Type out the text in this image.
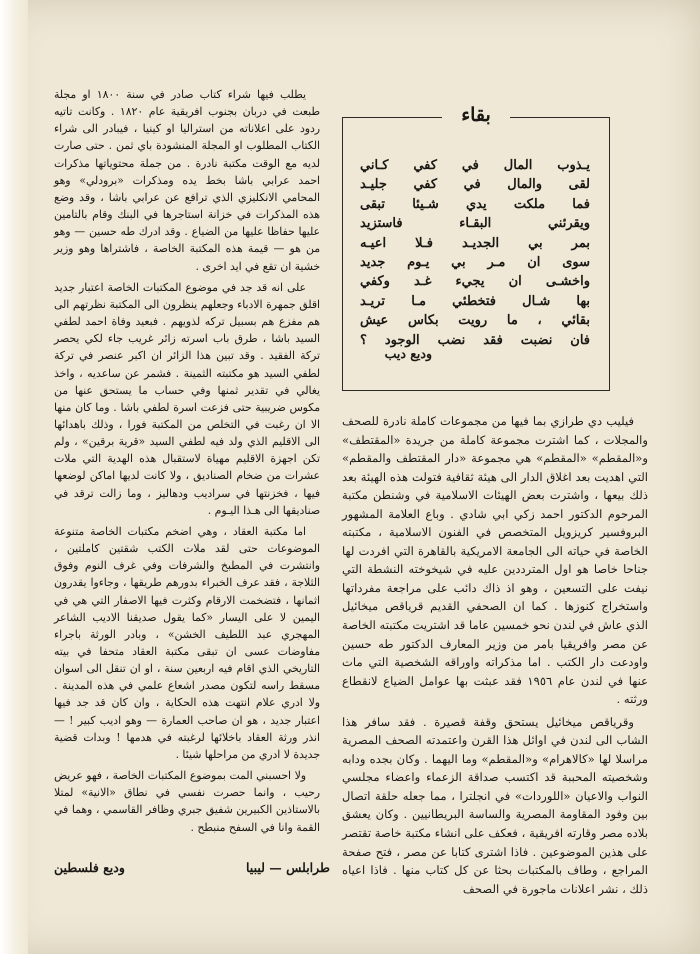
بقاء
يـذوب المال في كفي كـاني
لقى والمال في كفي جليـد
فما ملكت يدي شـيئا تبقى
ويقرئني البقـاء فاستزيد
بمر بي الجديـد فـلا اعيـه
سوى ان مـر بي يـوم جديد
واخشـى ان يجيء غـد وكفي
بها شـال فتخطئي مـا تريـد
بقائي ، ما رويت بكاس عيش
فان نضبت فقد نضب الوجود ؟
وديع ديب

فيليب دي طرازي بما فيها من مجموعات كاملة نادرة للصحف والمجلات ، كما اشترت مجموعة كاملة من جريدة «المقتطف» و«المقطم» «المقطم» هي مجموعة «دار المقتطف والمقطم» التي اهديت بعد اغلاق الدار الى هيئة ثقافية فتولت هذه الهيئة بعد ذلك بيعها ، واشترت بعض الهيئات الاسلامية في وشنطن مكتبة المرحوم الدكتور احمد زكي ابي شادي . وباع العلامة المشهور البروفسير كريزويل المتخصص في الفنون الاسلامية ، مكتبته الخاصة في حياته الى الجامعة الامريكية بالقاهرة التي افردت لها جناحا خاصا هو اول المترددين عليه في شيخوخته النشطة التي نيفت على التسعين ، وهو اذ ذاك دائب على مراجعة مفرداتها واستخراج كنوزها . كما ان الصحفي القديم قرياقص ميخائيل الذي عاش في لندن نحو خمسين عاما قد اشتريت مكتبته الخاصة عن مصر وافريقيا بامر من وزير المعارف الدكتور طه حسين واودعت دار الكتب . اما مذكراته واوراقه الشخصية التي مات عنها في لندن عام ١٩٥٦ فقد عبثت بها عوامل الضياع لانقطاع ورثته .

وقرياقص ميخائيل يستحق وقفة قصيرة . فقد سافر هذا الشاب الى لندن في اوائل هذا القرن واعتمدته الصحف المصرية مراسلا لها «كالاهرام» و«المقطم» وما اليهما . وكان بجده ودابه وشخصيته المحببة قد اكتسب صداقة الزعماء واعضاء مجلسي النواب والاعيان «اللوردات» في انجلترا ، مما جعله حلقة اتصال بين وفود المقاومة المصرية والساسة البريطانيين . وكان يعشق بلاده مصر وقارته افريقية ، فعكف على انشاء مكتبة خاصة تقتصر على هذين الموضوعين . فاذا اشترى كتابا عن مصر ، فتح صفحة المراجع ، وطاف بالمكتبات بحثا عن كل كتاب منها . فاذا اعياه ذلك ، نشر اعلانات ماجورة في الصحف

يطلب فيها شراء كتاب صادر في سنة ١٨٠٠ او مجلة طبعت في دربان بجنوب افريقية عام ١٨٢٠ . وكانت تاتيه ردود على اعلاناته من استراليا او كينيا ، فيبادر الى شراء الكتاب المطلوب او المجلة المنشودة باي ثمن . حتى صارت لديه مع الوقت مكتبة نادرة . من جملة محتوياتها مذكرات احمد عرابي باشا بخط يده ومذكرات «برودلي» وهو المحامي الانكليزي الذي ترافع عن عرابي باشا ، وقد وضع هذه المذكرات في خزانة استاجرها في البنك وقام بالتامين عليها حفاظا عليها من الضياع . وقد ادرك طه حسين — وهو من هو — قيمة هذه المكتبة الخاصة ، فاشتراها وهو وزير خشية ان تقع في ايد اخرى .

على انه قد جد في موضوع المكتبات الخاصة اعتبار جديد اقلق جمهرة الادباء وجعلهم ينظرون الى المكتبة نظرتهم الى هم مفزع هم بسبيل تركه لذويهم . فبعيد وفاة احمد لطفي السيد باشا ، طرق باب اسرته زائر غريب جاء لكي يحصر تركة الفقيد . وقد تبين هذا الزائر ان اكبر عنصر في تركة لطفي السيد هو مكتبته الثمينة . فشمر عن ساعديه ، واخذ يغالي في تقدير ثمنها وفي حساب ما يستحق عنها من مكوس ضريبية حتى فزعت اسرة لطفي باشا . وما كان منها الا ان رغبت في التخلص من المكتبة فورا ، وذلك باهدائها الى الاقليم الذي ولد فيه لطفي السيد «قرية برقين» ، ولم تكن اجهزة الاقليم مهياة لاستقبال هذه الهدية التي ملات عشرات من ضخام الصناديق ، ولا كانت لديها اماكن لوضعها فيها ، فخزنتها في سراديب ودهاليز ، وما زالت ترقد في صناديقها الى هـذا اليـوم .

اما مكتبة العقاد ، وهي اضخم مكتبات الخاصة متنوعة الموضوعات حتى لقد ملات الكتب شقتين كاملتين ، وانتشرت في المطبخ والشرفات وفي غرف النوم وفوق الثلاجة ، فقد عرف الخبراء بدورهم طريقها ، وجاءوا يقدرون اثمانها ، فتضخمت الارقام وكثرت فيها الاصفار التي هي في اليمين لا على اليسار «كما يقول صديقنا الاديب الشاعر المهجري عبد اللطيف الخشن» ، وبادر الورثة باجراء مفاوضات عسى ان تبقى مكتبة العقاد متحفا في بيته التاريخي الذي اقام فيه اربعين سنة ، او ان تنقل الى اسوان مسقط راسه لتكون مصدر اشعاع علمي في هذه المدينة . ولا ادري علام انتهت هذه الحكاية ، وان كان قد جد فيها اعتبار جديد ، هو ان صاحب العمارة — وهو اديب كبير ! — انذر ورثة العقاد باخلائها لرغبته في هدمها ! وبدات قضية جديدة لا ادري من مراحلها شيئا .

ولا احسبني المت بموضوع المكتبات الخاصة ، فهو عريض رحيب ، وانما حصرت نفسي في نطاق «الانية» لمتلا بالاستاذين الكبيرين شفيق جبري وظافر القاسمي ، وهما في القمة وانا في السفح منبطح .

طرابلس — ليبيا
وديع فلسطين
